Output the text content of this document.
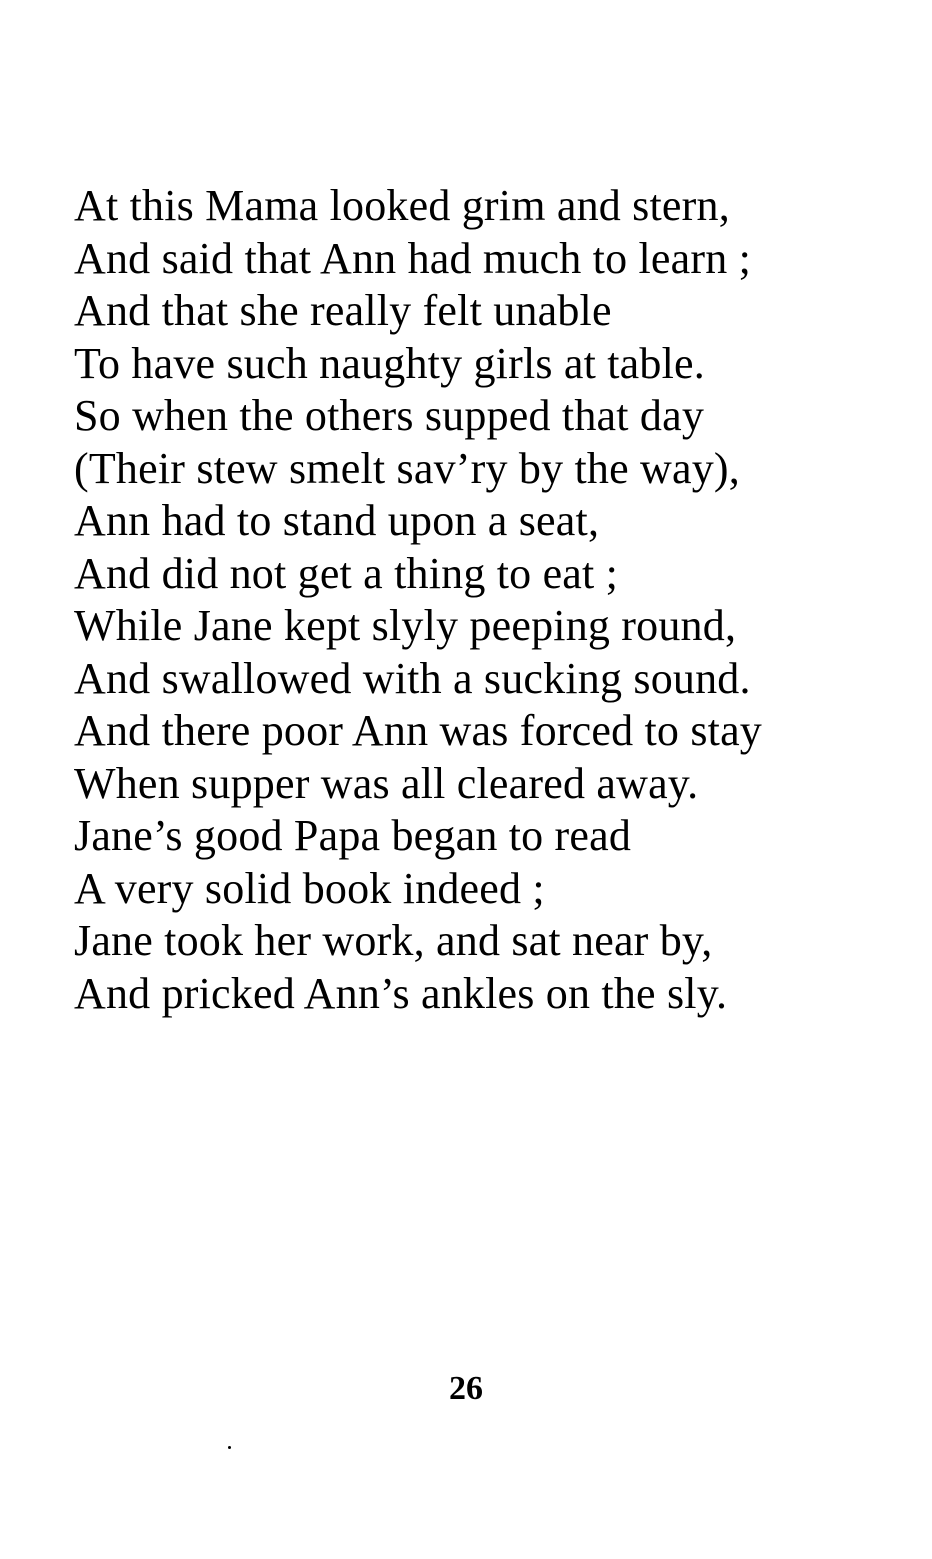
At this Mama looked grim and stern,
And said that Ann had much to learn ;
And that she really felt unable
To have such naughty girls at table.
So when the others supped that day
(Their stew smelt sav’ry by the way),
Ann had to stand upon a seat,
And did not get a thing to eat ;
While Jane kept slyly peeping round,
And swallowed with a sucking sound.
And there poor Ann was forced to stay
When supper was all cleared away.
Jane’s good Papa began to read
A very solid book indeed ;
Jane took her work, and sat near by,
And pricked Ann’s ankles on the sly.
26
